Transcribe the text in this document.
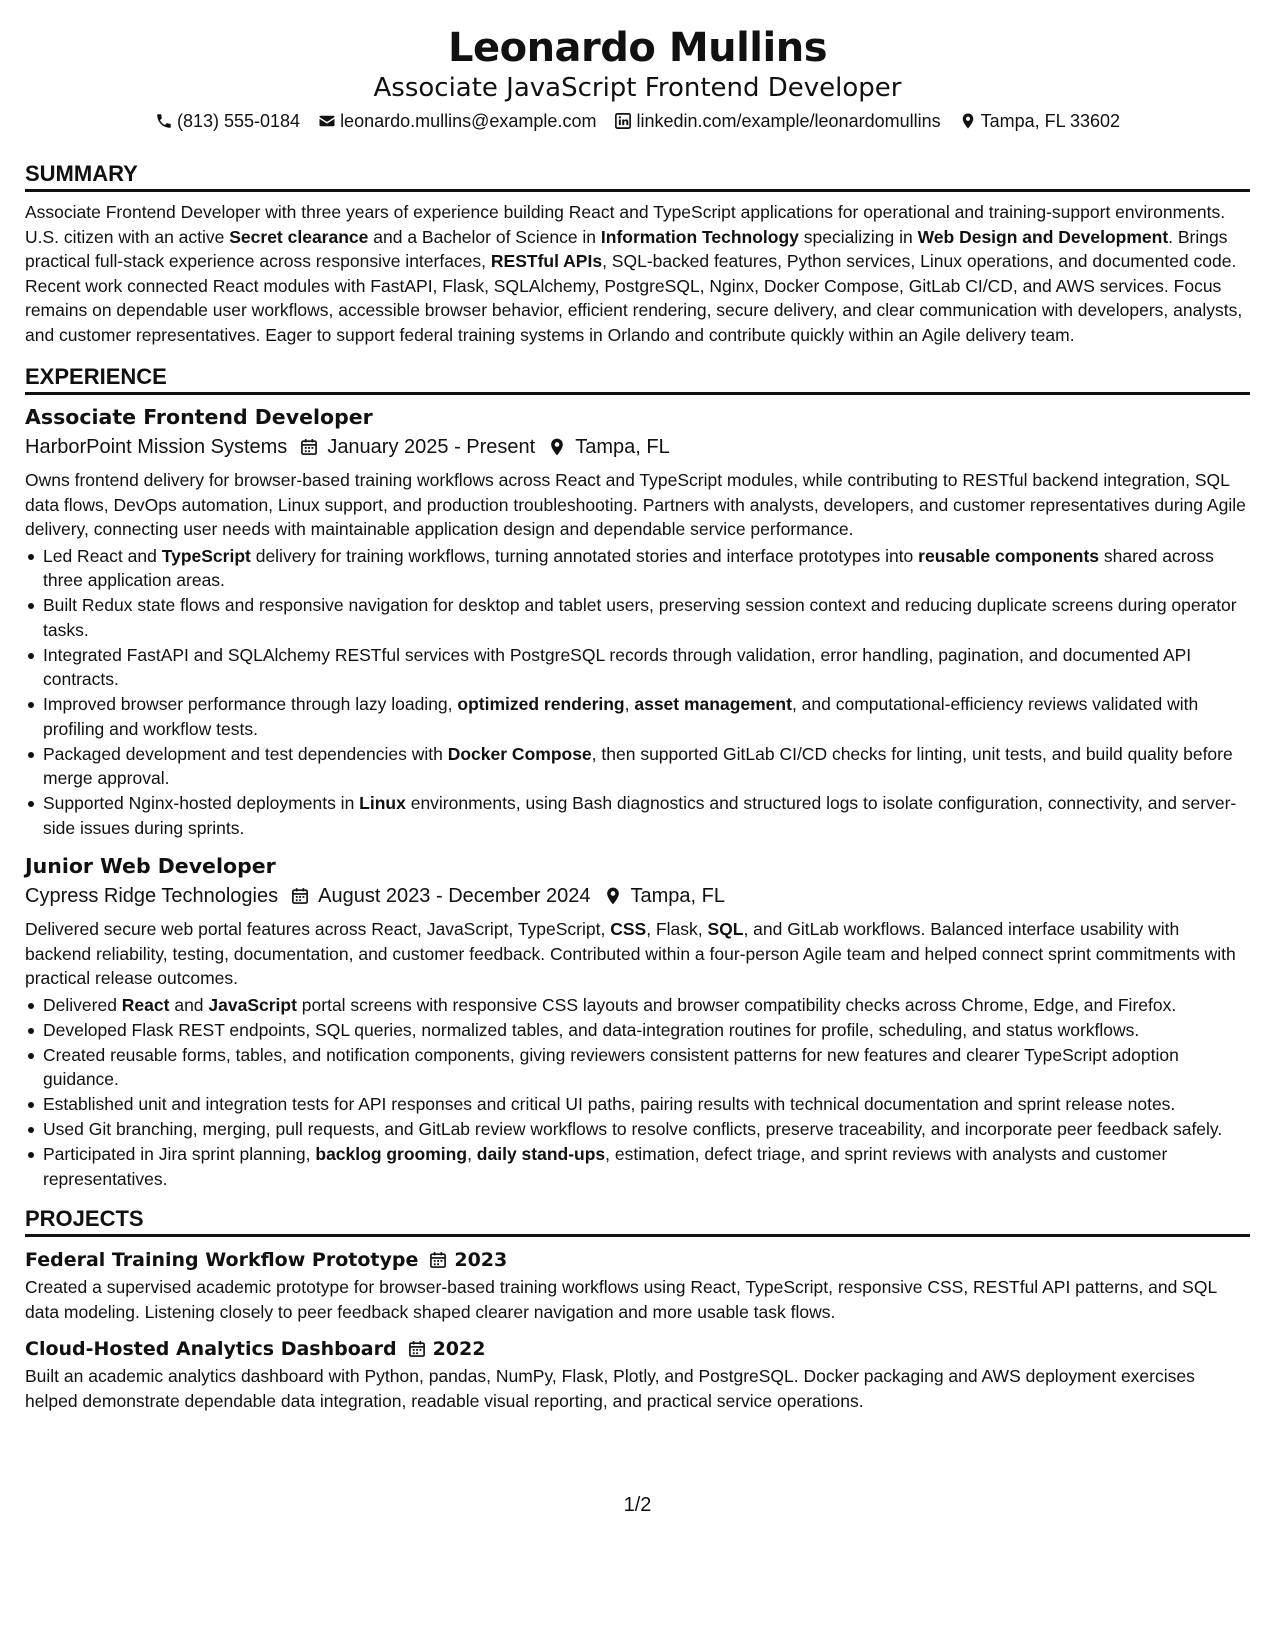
Leonardo Mullins
Associate JavaScript Frontend Developer
(813) 555-0184 leonardo.mullins@example.com linkedin.com/example/leonardomullins Tampa, FL 33602
SUMMARY

Associate Frontend Developer with three years of experience building React and TypeScript applications for operational and training-support environments. U.S. citizen with an active Secret clearance and a Bachelor of Science in Information Technology specializing in Web Design and Development. Brings practical full-stack experience across responsive interfaces, RESTful APIs, SQL-backed features, Python services, Linux operations, and documented code. Recent work connected React modules with FastAPI, Flask, SQLAlchemy, PostgreSQL, Nginx, Docker Compose, GitLab CI/CD, and AWS services. Focus remains on dependable user workflows, accessible browser behavior, efficient rendering, secure delivery, and clear communication with developers, analysts, and customer representatives. Eager to support federal training systems in Orlando and contribute quickly within an Agile delivery team.

EXPERIENCE
Associate Frontend Developer
HarborPoint Mission Systems January 2025 - Present Tampa, FL

Owns frontend delivery for browser-based training workflows across React and TypeScript modules, while contributing to RESTful backend integration, SQL data flows, DevOps automation, Linux support, and production troubleshooting. Partners with analysts, developers, and customer representatives during Agile delivery, connecting user needs with maintainable application design and dependable service performance.

Led React and TypeScript delivery for training workflows, turning annotated stories and interface prototypes into reusable components shared across three application areas.
Built Redux state flows and responsive navigation for desktop and tablet users, preserving session context and reducing duplicate screens during operator tasks.
Integrated FastAPI and SQLAlchemy RESTful services with PostgreSQL records through validation, error handling, pagination, and documented API contracts.
Improved browser performance through lazy loading, optimized rendering, asset management, and computational-efficiency reviews validated with profiling and workflow tests.
Packaged development and test dependencies with Docker Compose, then supported GitLab CI/CD checks for linting, unit tests, and build quality before merge approval.
Supported Nginx-hosted deployments in Linux environments, using Bash diagnostics and structured logs to isolate configuration, connectivity, and server-side issues during sprints.
Junior Web Developer
Cypress Ridge Technologies August 2023 - December 2024 Tampa, FL

Delivered secure web portal features across React, JavaScript, TypeScript, CSS, Flask, SQL, and GitLab workflows. Balanced interface usability with backend reliability, testing, documentation, and customer feedback. Contributed within a four-person Agile team and helped connect sprint commitments with practical release outcomes.

Delivered React and JavaScript portal screens with responsive CSS layouts and browser compatibility checks across Chrome, Edge, and Firefox.
Developed Flask REST endpoints, SQL queries, normalized tables, and data-integration routines for profile, scheduling, and status workflows.
Created reusable forms, tables, and notification components, giving reviewers consistent patterns for new features and clearer TypeScript adoption guidance.
Established unit and integration tests for API responses and critical UI paths, pairing results with technical documentation and sprint release notes.
Used Git branching, merging, pull requests, and GitLab review workflows to resolve conflicts, preserve traceability, and incorporate peer feedback safely.
Participated in Jira sprint planning, backlog grooming, daily stand-ups, estimation, defect triage, and sprint reviews with analysts and customer representatives.
PROJECTS
Federal Training Workflow Prototype 2023

Created a supervised academic prototype for browser-based training workflows using React, TypeScript, responsive CSS, RESTful API patterns, and SQL data modeling. Listening closely to peer feedback shaped clearer navigation and more usable task flows.

Cloud-Hosted Analytics Dashboard 2022

Built an academic analytics dashboard with Python, pandas, NumPy, Flask, Plotly, and PostgreSQL. Docker packaging and AWS deployment exercises helped demonstrate dependable data integration, readable visual reporting, and practical service operations.

1/2
